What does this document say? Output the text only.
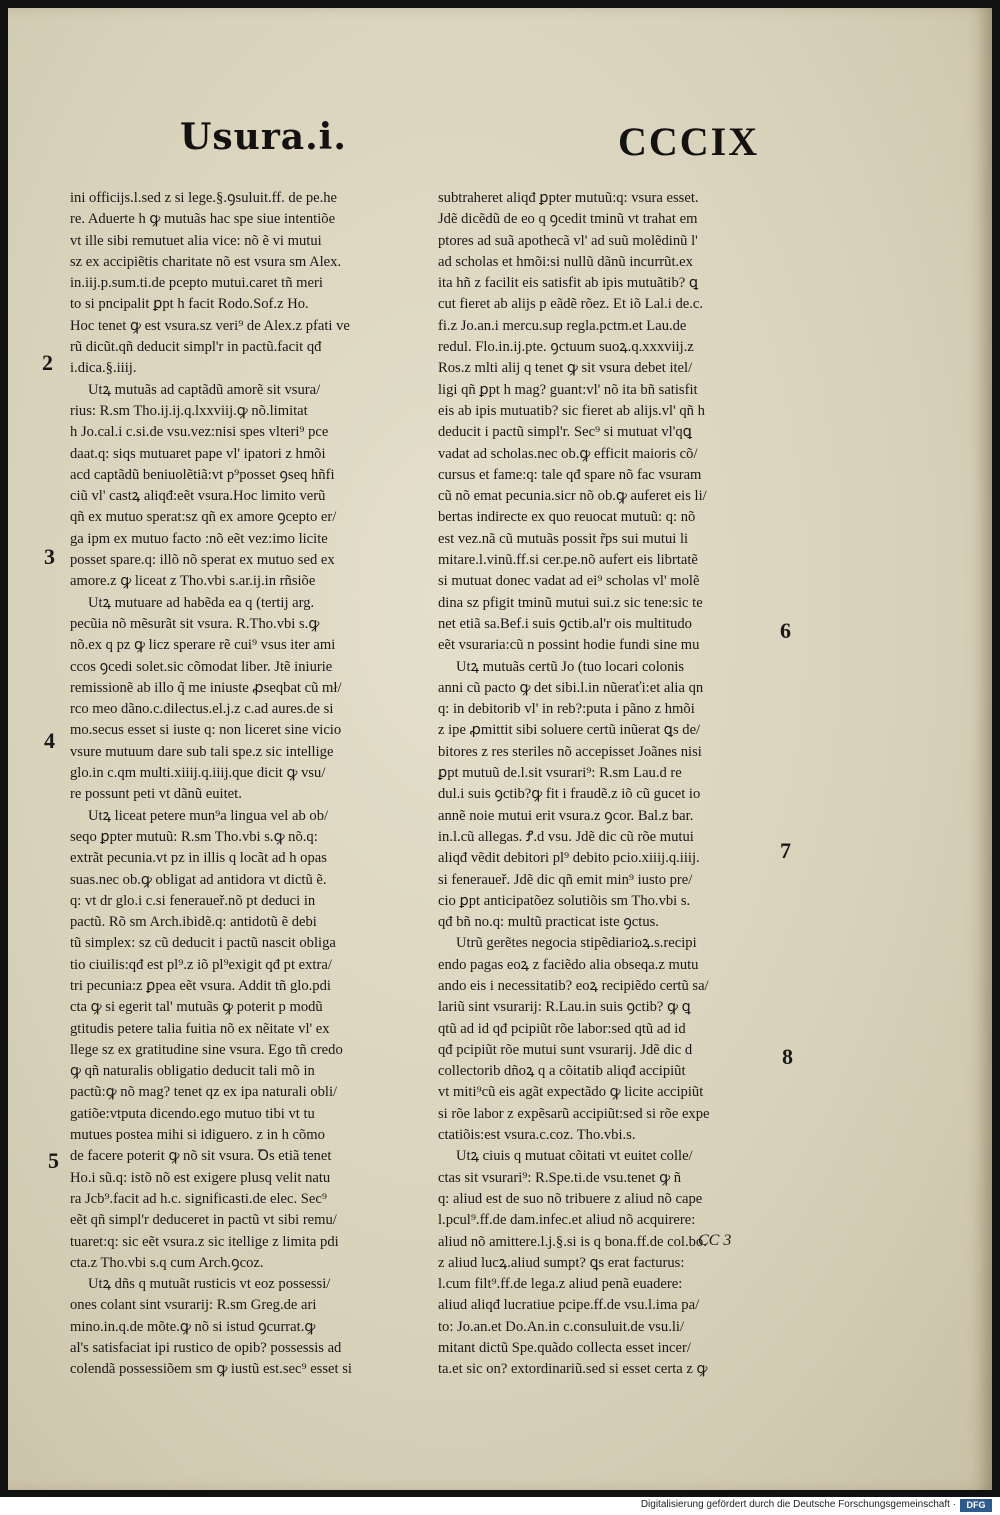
Usura.i.	CCCIX
ini officijs.l.sed z si lege.§.ꝯsuluit.ff. de pe.he
re. Aduerte h ꝙ mutuãs hac spe siue intentiõe
vt ille sibi remutuet alia vice: nõ ẽ vi mutui
sz ex accipiẽtis charitate nõ est vsura sm Alex.
in.iij.p.sum.ti.de pcepto mutui.caret tñ meri
to si pncipalit ꝑpt h facit Rodo.Sof.z Ho.
Hoc tenet ꝙ est vsura.sz veri⁹ de Alex.z pfati ve
rũ dicũt.qñ deducit simpl'r in pactũ.facit qđ
i.dica.§.iiij.
Utꝝ mutuãs ad captãdũ amorẽ sit vsura/
rius: R.sm Tho.ij.ij.q.lxxviij.ꝙ nõ.limitat
h Jo.cal.i c.si.de vsu.vez:nisi spes vlteri⁹ pce
daat.q: siqs mutuaret pape vl' ipatori z hmõi
acd captãdũ beniuolẽtiã:vt p⁹posset ꝯseq hñfi
ciũ vl' castꝝ aliqđ:eẽt vsura.Hoc limito verũ
qñ ex mutuo sperat:sz qñ ex amore ꝯcepto er/
ga ipm ex mutuo facto :nõ eẽt vez:imo licite
posset spare.q: illõ nõ sperat ex mutuo sed ex
amore.z ꝙ liceat z Tho.vbi s.ar.ij.in rñsiõe
Utꝝ mutuare ad habẽda ea q (tertij arg.
pecũia nõ mẽsurãt sit vsura. R.Tho.vbi s.ꝙ
nõ.ex q pz ꝙ licz sperare rẽ cui⁹ vsus iter ami
ccos ꝯcedi solet.sic cõmodat liber. Jtẽ iniurie
remissionẽ ab illo q̃ me iniuste ꝓseqbat cũ mł/
rco meo dãno.c.dilectus.el.j.z c.ad aures.de si
mo.secus esset si iuste q: non liceret sine vicio
vsure mutuum dare sub tali spe.z sic intellige
glo.in c.qm multi.xiiij.q.iiij.que dicit ꝙ vsu/
re possunt peti vt dãnũ euitet.
Utꝝ liceat petere mun⁹a lingua vel ab ob/
seqo ꝑpter mutuũ: R.sm Tho.vbi s.ꝙ nõ.q:
extrãt pecunia.vt pz in illis q locãt ad h opas
suas.nec ob.ꝙ obligat ad antidora vt dictũ ẽ.
q: vt dr glo.i c.si feneraueř.nõ pt deduci in
pactũ. Rõ sm Arch.ibidẽ.q: antidotũ ẽ debi
tũ simplex: sz cũ deducit i pactũ nascit obliga
tio ciuilis:qđ est pl⁹.z iõ pl⁹exigit qđ pt extra/
tri pecunia:z ꝑpea eẽt vsura. Addit tñ glo.pdi
cta ꝙ si egerit tal' mutuãs ꝙ poterit p modũ
gtitudis petere talia fuitia nõ ex nẽitate vl' ex
llege sz ex gratitudine sine vsura. Ego tñ credo
ꝙ qñ naturalis obligatio deducit tali mõ in
pactũ:ꝙ nõ mag? tenet qz ex ipa naturali obli/
gatiõe:vtputa dicendo.ego mutuo tibi vt tu
mutues postea mihi si idiguero. z in h cõmo
de facere poterit ꝙ nõ sit vsura. Ꝺs etiã tenet
Ho.i sũ.q: istõ nõ est exigere plusq velit natu
ra Jcb⁹.facit ad h.c. significasti.de elec. Sec⁹
eẽt qñ simpl'r deduceret in pactũ vt sibi remu/
tuaret:q: sic eẽt vsura.z sic itellige z limita pdi
cta.z Tho.vbi s.q cum Arch.ꝯcoz.
Utꝝ dñs q mutuãt rusticis vt eoz possessi/
ones colant sint vsurarij: R.sm Greg.de ari
mino.in.q.de mõte.ꝙ nõ si istud ꝯcurrat.ꝙ
al's satisfaciat ipi rustico de opib? possessis ad
colendã possessiõem sm ꝙ iustũ est.sec⁹ esset si
subtraheret aliqđ ꝑpter mutuũ:q: vsura esset.
Jdẽ dicẽdũ de eo q ꝯcedit tminũ vt trahat em
ptores ad suã apothecã vl' ad suũ molẽdinũ l'
ad scholas et hmõi:si nullũ dãnũ incurrũt.ex
ita hñ z facilit eis satisfit ab ipis mutuãtib? ꝗ
cut fieret ab alijs p eãdẽ rõez. Et iõ Lal.i de.c.
fi.z Jo.an.i mercu.sup regla.pctm.et Lau.de
redul. Flo.in.ij.pte. ꝯctuum suoꝝ.q.xxxviij.z
Ros.z mlti alij q tenet ꝙ sit vsura debet itel/
ligi qñ ꝑpt h mag? guant:vl' nõ ita bñ satisfit
eis ab ipis mutuatib? sic fieret ab alijs.vl' qñ h
deducit i pactũ simpl'r. Sec⁹ si mutuat vl'qꝗ
vadat ad scholas.nec ob.ꝙ efficit maioris cõ/
cursus et fame:q: tale qđ spare nõ fac vsuram
cũ nõ emat pecunia.sicr nõ ob.ꝙ auferet eis li/
bertas indirecte ex quo reuocat mutuũ: q: nõ
est vez.nã cũ mutuãs possit r̃ps sui mutui li
mitare.l.vinũ.ff.si cer.pe.nõ aufert eis librtatẽ
si mutuat donec vadat ad ei⁹ scholas vl' molẽ
dina sz pfigit tminũ mutui sui.z sic tene:sic te
net etiã sa.Bef.i suis ꝯctib.al'r ois multitudo
eẽt vsuraria:cũ n possint hodie fundi sine mu
Utꝝ mutuãs certũ Jo (tuo locari colonis
anni cũ pacto ꝙ det sibi.l.in nũeraťi:et alia qn
q: in debitorib vl' in reb?:puta i pãno z hmõi
z ipe ꝓmittit sibi soluere certũ inũerat ꝗs de/
bitores z res steriles nõ accepisset Joãnes nisi
ꝑpt mutuũ de.l.sit vsurari⁹: R.sm Lau.d re
dul.i suis ꝯctib?ꝙ fit i fraudẽ.z iõ cũ gucet io
annẽ noie mutui erit vsura.z ꝯcor. Bal.z bar.
in.l.cũ allegas. Ꝭ.d vsu. Jdẽ dic cũ rõe mutui
aliqđ vẽdit debitori pl⁹ debito pcio.xiiij.q.iiij.
si feneraueř. Jdẽ dic qñ emit min⁹ iusto pre/
cio ꝑpt anticipatõez solutiõis sm Tho.vbi s.
qđ bñ no.q: multũ practicat iste ꝯctus.
Utrũ gerẽtes negocia stipẽdiarioꝝ.s.recipi
endo pagas eoꝝ z faciẽdo alia obseqa.z mutu
ando eis i necessitatib? eoꝝ recipiẽdo certũ sa/
lariũ sint vsurarij: R.Lau.in suis ꝯctib? ꝙ ꝗ
qtũ ad id qđ pcipiũt rõe labor:sed qtũ ad id
qđ pcipiũt rõe mutui sunt vsurarij. Jdẽ dic d
collectorib dñoꝝ q a cõitatib aliqđ accipiũt
vt miti⁹cũ eis agãt expectãdo ꝙ licite accipiũt
si rõe labor z expẽsarũ accipiũt:sed si rõe expe
ctatiõis:est vsura.c.coz. Tho.vbi.s.
Utꝝ ciuis q mutuat cõitati vt euitet colle/
ctas sit vsurari⁹: R.Spe.ti.de vsu.tenet ꝙ ñ
q: aliud est de suo nõ tribuere z aliud nõ cape
l.pcul⁹.ff.de dam.infec.et aliud nõ acquirere:
aliud nõ amittere.l.j.§.si is q bona.ff.de col.bo.
z aliud lucꝝ.aliud sumpt? ꝗs erat facturus:
l.cum filt⁹.ff.de lega.z aliud penã euadere:
aliud aliqđ lucratiue pcipe.ff.de vsu.l.ima pa/
to: Jo.an.et Do.An.in c.consuluit.de vsu.li/
mitant dictũ Spe.quãdo collecta esset incer/
ta.et sic on? extordinariũ.sed si esset certa z ꝙ
2
3
4
5
6
7
8
CC 3
Digitalisierung gefördert durch die Deutsche Forschungsgemeinschaft ·	DFG
